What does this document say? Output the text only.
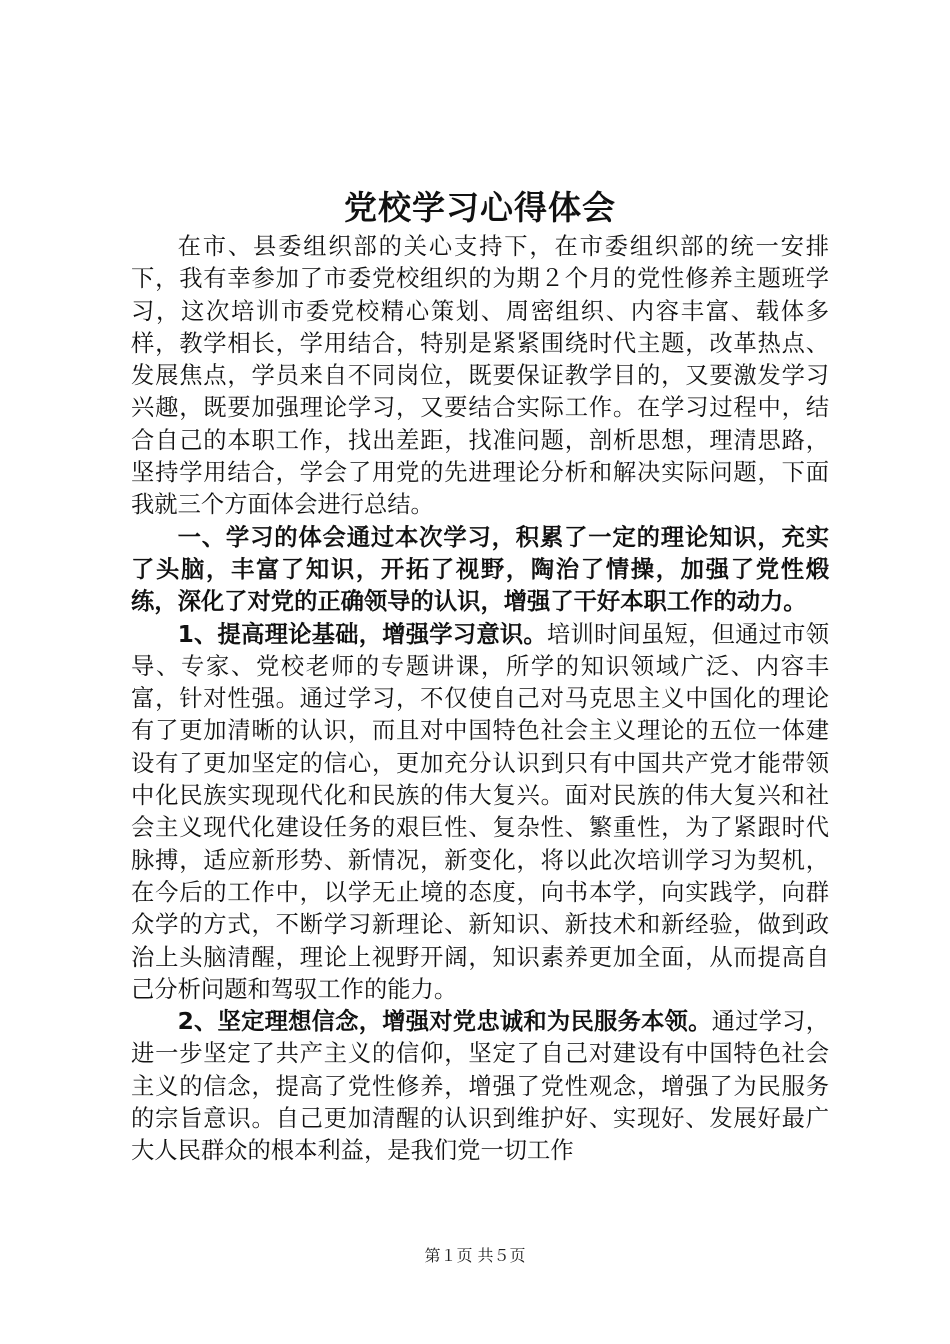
党校学习心得体会

在市、县委组织部的关心支持下，在市委组织部的统一安排下，我有幸参加了市委党校组织的为期２个月的党性修养主题班学习，这次培训市委党校精心策划、周密组织、内容丰富、载体多样，教学相长，学用结合，特别是紧紧围绕时代主题，改革热点、发展焦点，学员来自不同岗位，既要保证教学目的，又要激发学习兴趣，既要加强理论学习，又要结合实际工作。在学习过程中，结合自己的本职工作，找出差距，找准问题，剖析思想，理清思路，坚持学用结合，学会了用党的先进理论分析和解决实际问题，下面我就三个方面体会进行总结。

一、学习的体会通过本次学习，积累了一定的理论知识，充实了头脑，丰富了知识，开拓了视野，陶治了情操，加强了党性煅练，深化了对党的正确领导的认识，增强了干好本职工作的动力。

1、提高理论基础，增强学习意识。培训时间虽短，但通过市领导、专家、党校老师的专题讲课，所学的知识领域广泛、内容丰富，针对性强。通过学习，不仅使自己对马克思主义中国化的理论有了更加清晰的认识，而且对中国特色社会主义理论的五位一体建设有了更加坚定的信心，更加充分认识到只有中国共产党才能带领中化民族实现现代化和民族的伟大复兴。面对民族的伟大复兴和社会主义现代化建设任务的艰巨性、复杂性、繁重性，为了紧跟时代脉搏，适应新形势、新情况，新变化，将以此次培训学习为契机，在今后的工作中，以学无止境的态度，向书本学，向实践学，向群众学的方式，不断学习新理论、新知识、新技术和新经验，做到政治上头脑清醒，理论上视野开阔，知识素养更加全面，从而提高自己分析问题和驾驭工作的能力。

2、坚定理想信念，增强对党忠诚和为民服务本领。通过学习，进一步坚定了共产主义的信仰，坚定了自己对建设有中国特色社会主义的信念，提高了党性修养，增强了党性观念，增强了为民服务的宗旨意识。自己更加清醒的认识到维护好、实现好、发展好最广大人民群众的根本利益，是我们党一切工作

第１页 共５页
